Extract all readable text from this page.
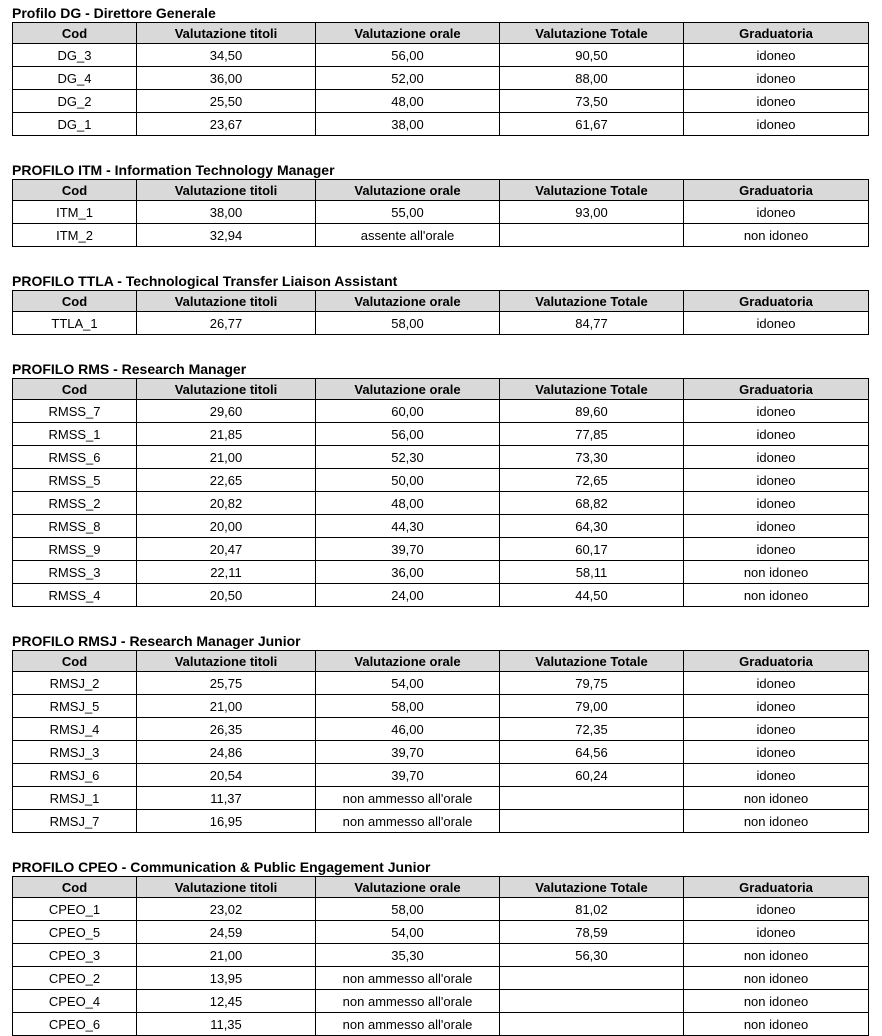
Profilo DG - Direttore Generale
Cod	Valutazione titoli	Valutazione orale	Valutazione Totale	Graduatoria
DG_3	34,50	56,00	90,50	idoneo
DG_4	36,00	52,00	88,00	idoneo
DG_2	25,50	48,00	73,50	idoneo
DG_1	23,67	38,00	61,67	idoneo
PROFILO ITM - Information Technology Manager
Cod	Valutazione titoli	Valutazione orale	Valutazione Totale	Graduatoria
ITM_1	38,00	55,00	93,00	idoneo
ITM_2	32,94	assente all'orale		non idoneo
PROFILO TTLA - Technological Transfer Liaison Assistant
Cod	Valutazione titoli	Valutazione orale	Valutazione Totale	Graduatoria
TTLA_1	26,77	58,00	84,77	idoneo
PROFILO RMS - Research Manager
Cod	Valutazione titoli	Valutazione orale	Valutazione Totale	Graduatoria
RMSS_7	29,60	60,00	89,60	idoneo
RMSS_1	21,85	56,00	77,85	idoneo
RMSS_6	21,00	52,30	73,30	idoneo
RMSS_5	22,65	50,00	72,65	idoneo
RMSS_2	20,82	48,00	68,82	idoneo
RMSS_8	20,00	44,30	64,30	idoneo
RMSS_9	20,47	39,70	60,17	idoneo
RMSS_3	22,11	36,00	58,11	non idoneo
RMSS_4	20,50	24,00	44,50	non idoneo
PROFILO RMSJ - Research Manager Junior
Cod	Valutazione titoli	Valutazione orale	Valutazione Totale	Graduatoria
RMSJ_2	25,75	54,00	79,75	idoneo
RMSJ_5	21,00	58,00	79,00	idoneo
RMSJ_4	26,35	46,00	72,35	idoneo
RMSJ_3	24,86	39,70	64,56	idoneo
RMSJ_6	20,54	39,70	60,24	idoneo
RMSJ_1	11,37	non ammesso all'orale		non idoneo
RMSJ_7	16,95	non ammesso all'orale		non idoneo
PROFILO CPEO - Communication & Public Engagement Junior
Cod	Valutazione titoli	Valutazione orale	Valutazione Totale	Graduatoria
CPEO_1	23,02	58,00	81,02	idoneo
CPEO_5	24,59	54,00	78,59	idoneo
CPEO_3	21,00	35,30	56,30	non idoneo
CPEO_2	13,95	non ammesso all'orale		non idoneo
CPEO_4	12,45	non ammesso all'orale		non idoneo
CPEO_6	11,35	non ammesso all'orale		non idoneo
